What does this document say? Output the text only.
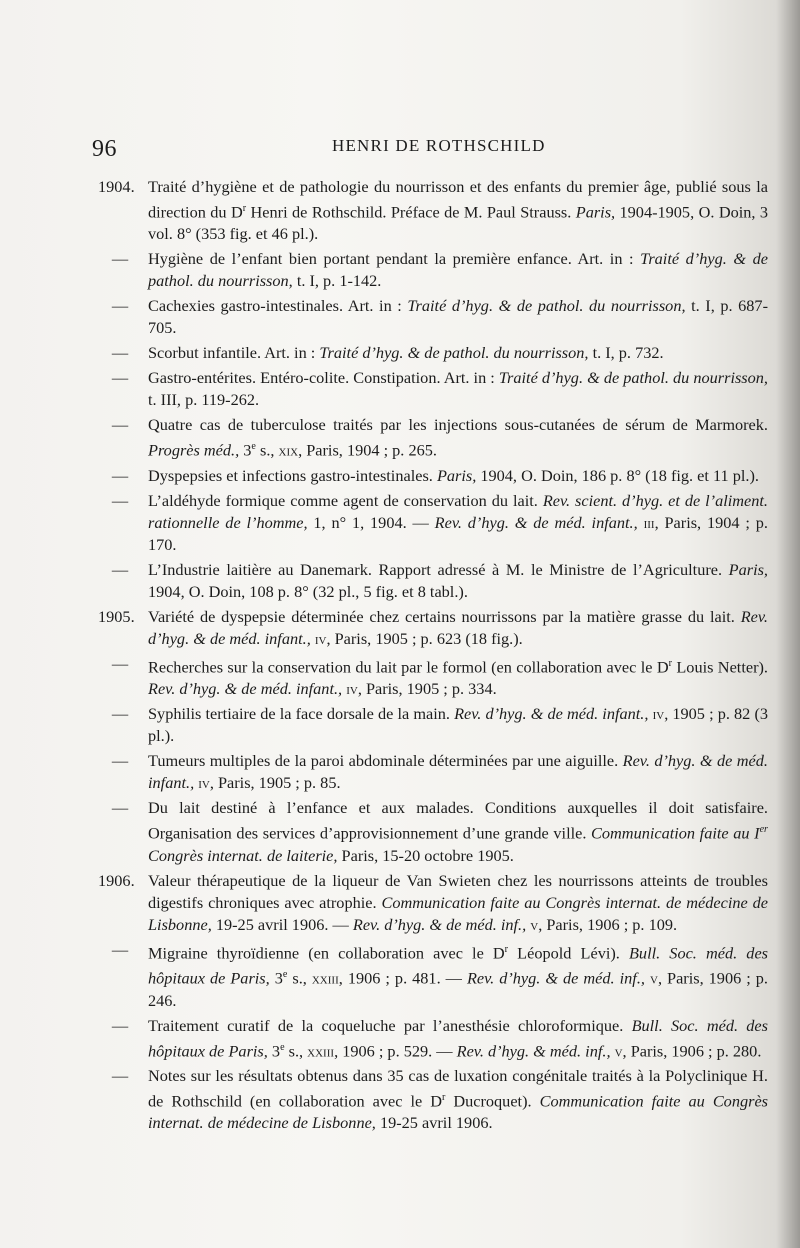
96	HENRI DE ROTHSCHILD
1904. Traité d’hygiène et de pathologie du nourrisson et des enfants du premier âge, publié sous la direction du $D^r$ Henri de Rothschild. Préface de M. Paul Strauss. Paris, 1904-1905, O. Doin, 3 vol. 8° (353 fig. et 46 pl.).
—	Hygiène de l’enfant bien portant pendant la première enfance. Art. in : Traité d’hyg. & de pathol. du nourrisson, t. I, p. 1-142.
—	Cachexies gastro-intestinales. Art. in : Traité d’hyg. & de pathol. du nourrisson, t. I, p. 687-705.
—	Scorbut infantile. Art. in : Traité d’hyg. & de pathol. du nourrisson, t. I, p. 732.
—	Gastro-entérites. Entéro-colite. Constipation. Art. in : Traité d’hyg. & de pathol. du nourrisson, t. III, p. 119-262.
—	Quatre cas de tuberculose traités par les injections sous-cutanées de sérum de Marmorek. Progrès méd., 3e s., xix, Paris, 1904 ; p. 265.
—	Dyspepsies et infections gastro-intestinales. Paris, 1904, O. Doin, 186 p. 8° (18 fig. et 11 pl.).
—	L’aldéhyde formique comme agent de conservation du lait. Rev. scient. d’hyg. et de l’aliment. rationnelle de l’homme, 1, n° 1, 1904. — Rev. d’hyg. & de méd. infant., iii, Paris, 1904 ; p. 170.
—	L’Industrie laitière au Danemark. Rapport adressé à M. le Ministre de l’Agriculture. Paris, 1904, O. Doin, 108 p. 8° (32 pl., 5 fig. et 8 tabl.).
1905. Variété de dyspepsie déterminée chez certains nourrissons par la matière grasse du lait. Rev. d’hyg. & de méd. infant., iv, Paris, 1905 ; p. 623 (18 fig.).
—	Recherches sur la conservation du lait par le formol (en collaboration avec le $D^r$ Louis Netter). Rev. d’hyg. & de méd. infant., iv, Paris, 1905 ; p. 334.
—	Syphilis tertiaire de la face dorsale de la main. Rev. d’hyg. & de méd. infant., iv, 1905 ; p. 82 (3 pl.).
—	Tumeurs multiples de la paroi abdominale déterminées par une aiguille. Rev. d’hyg. & de méd. infant., iv, Paris, 1905 ; p. 85.
—	Du lait destiné à l’enfance et aux malades. Conditions auxquelles il doit satisfaire. Organisation des services d’approvisionnement d’une grande ville. Communication faite au Ier Congrès internat. de laiterie, Paris, 15-20 octobre 1905.
1906. Valeur thérapeutique de la liqueur de Van Swieten chez les nourrissons atteints de troubles digestifs chroniques avec atrophie. Communication faite au Congrès internat. de médecine de Lisbonne, 19-25 avril 1906. — Rev. d’hyg. & de méd. inf., v, Paris, 1906 ; p. 109.
—	Migraine thyroïdienne (en collaboration avec le $D^r$ Léopold Lévi). Bull. Soc. méd. des hôpitaux de Paris, 3e s., xxiii, 1906 ; p. 481. — Rev. d’hyg. & de méd. inf., v, Paris, 1906 ; p. 246.
—	Traitement curatif de la coqueluche par l’anesthésie chloroformique. Bull. Soc. méd. des hôpitaux de Paris, 3e s., xxiii, 1906 ; p. 529. — Rev. d’hyg. & méd. inf., v, Paris, 1906 ; p. 280.
—	Notes sur les résultats obtenus dans 35 cas de luxation congénitale traités à la Polyclinique H. de Rothschild (en collaboration avec le $D^r$ Ducroquet). Communication faite au Congrès internat. de médecine de Lisbonne, 19-25 avril 1906.
